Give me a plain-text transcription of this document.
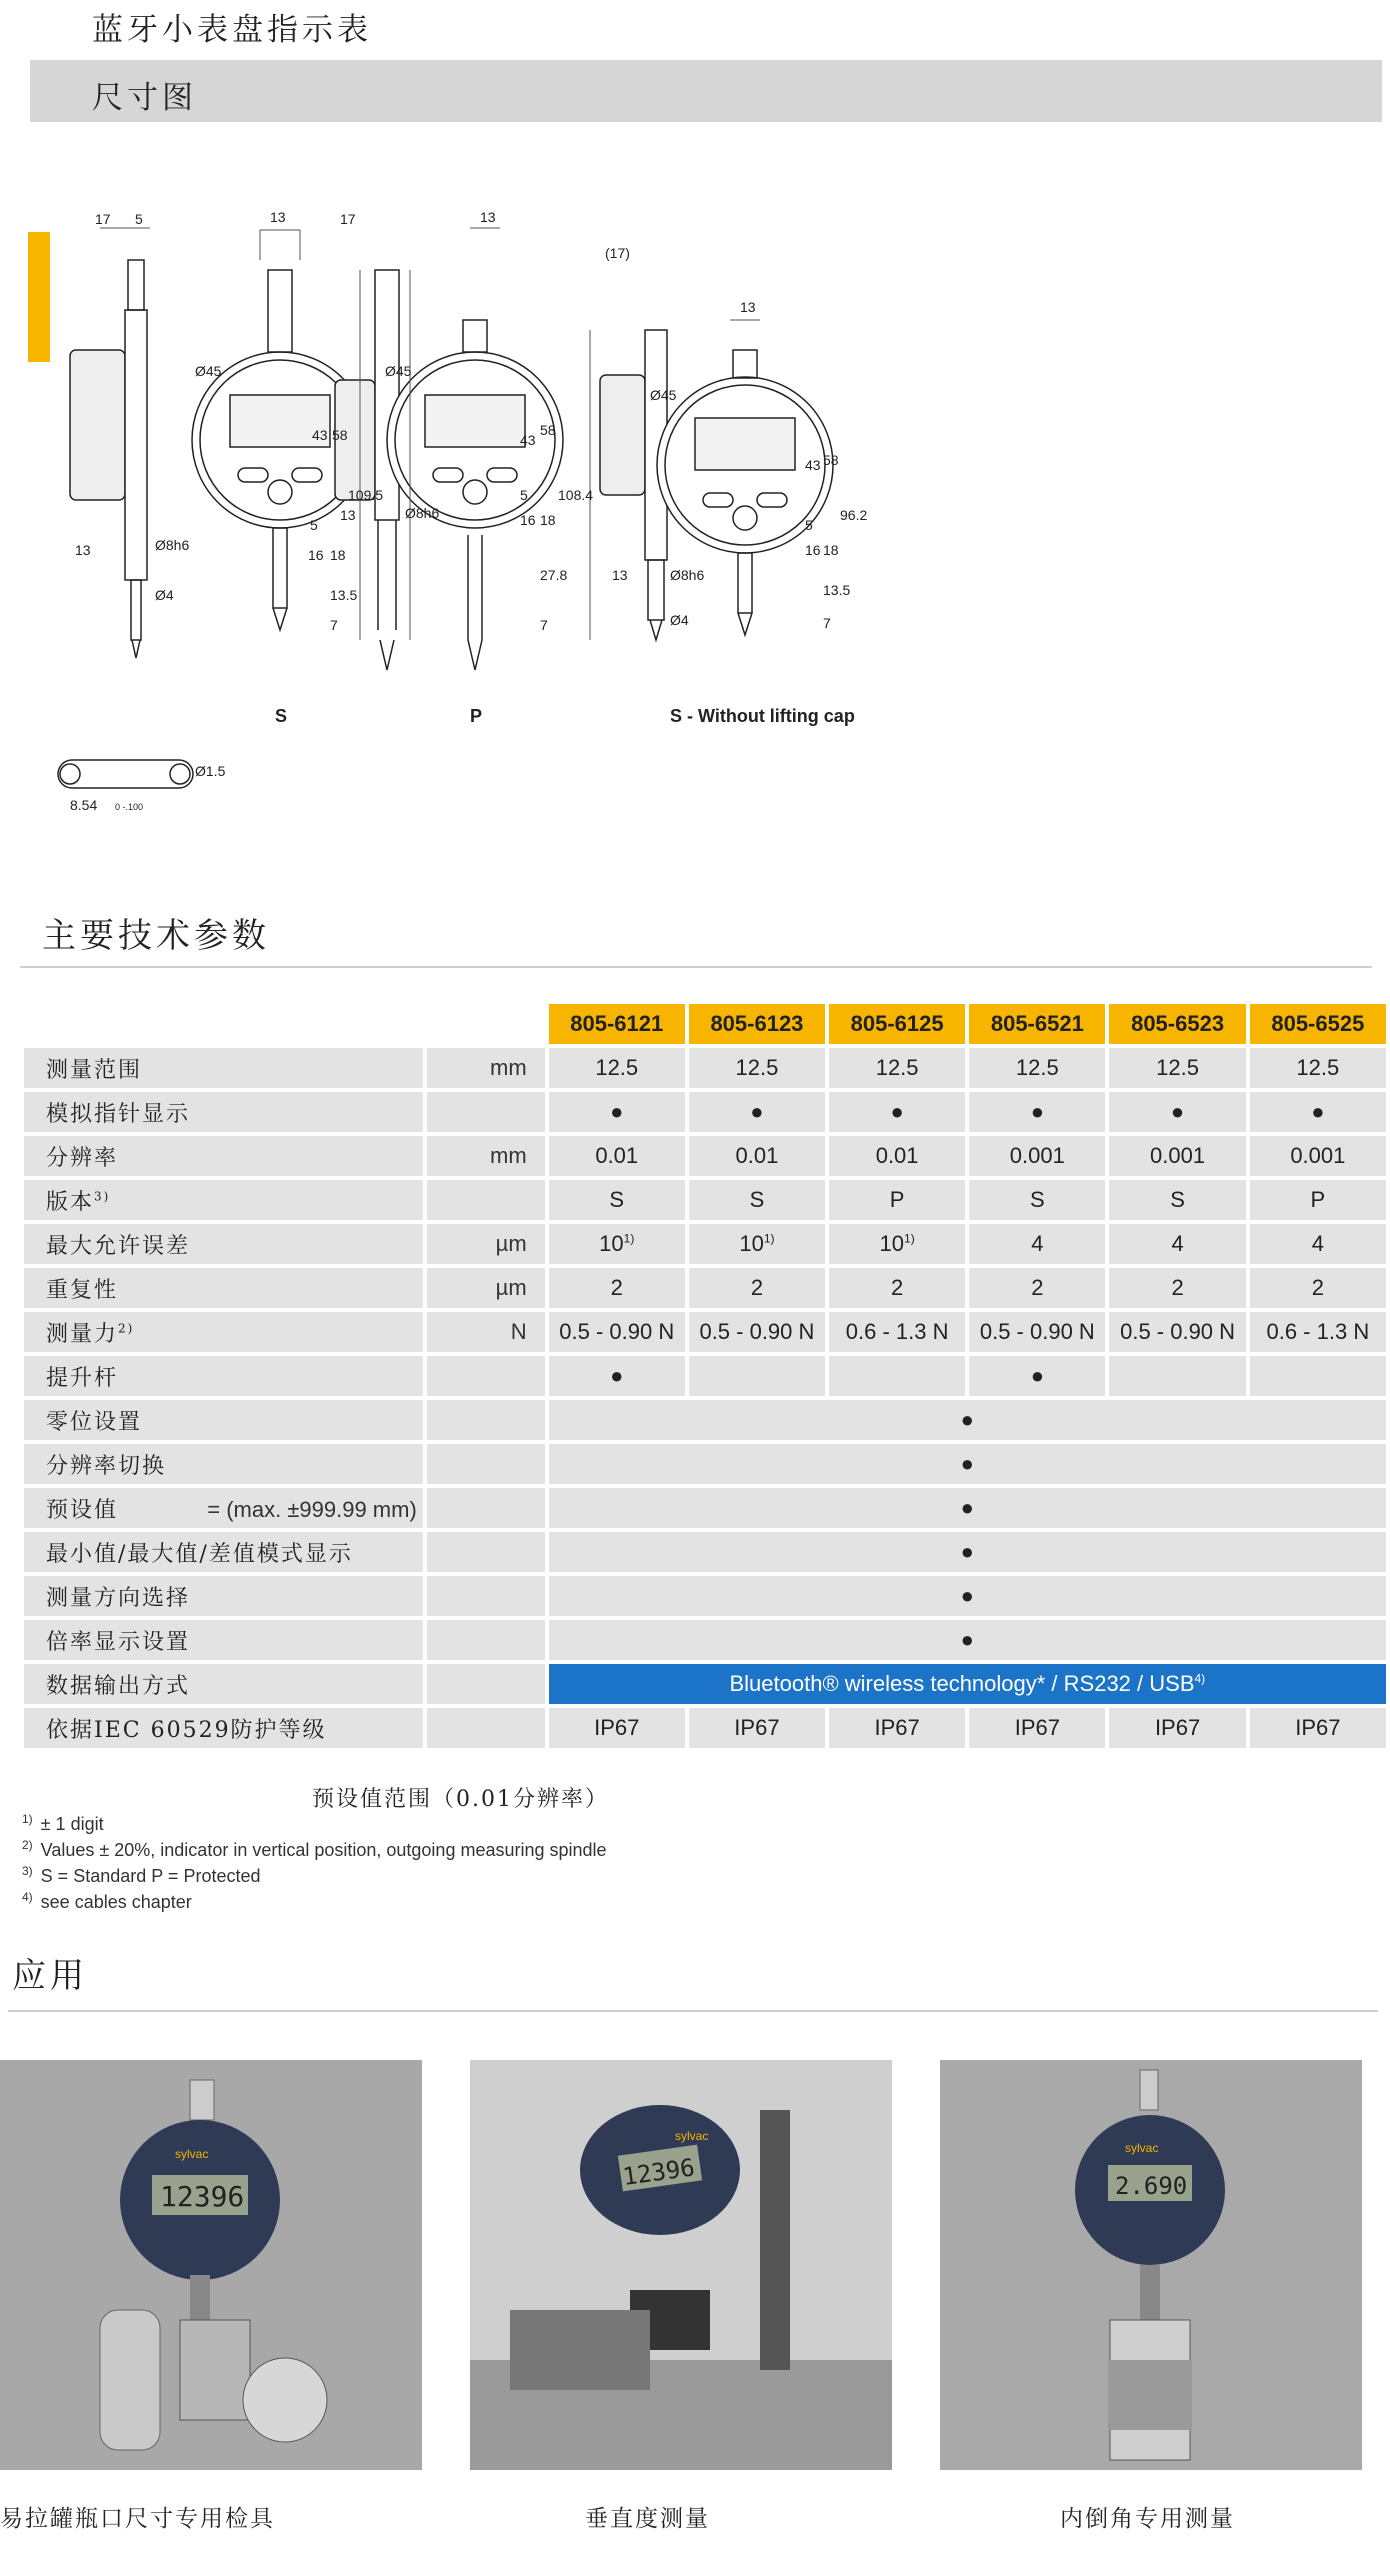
蓝牙小表盘指示表
尺寸图
17 5	13	17	13
(17)
13
Ø45	Ø45
Ø45
Ø8h6
Ø8h6
Ø8h6
Ø4
Ø4
Ø1.5
8.54 0 -.100
43 58
109.5
5
16 18
13.5
7
43
58
108.4
5
16 18
27.8
7
13
43 58
96.2
5
16 18
13.5
7
13
13
S	P	S - Without lifting cap
主要技术参数
		805-6121	805-6123	805-6125	805-6521	805-6523	805-6525
测量范围	mm	12.5	12.5	12.5	12.5	12.5	12.5
模拟指针显示		●	●	●	●	●	●
分辨率	mm	0.01	0.01	0.01	0.001	0.001	0.001
版本$^{3)}$		S	S	P	S	S	P
最大允许误差	µm	10$^{1)}$	10$^{1)}$	10$^{1)}$	4	4	4
重复性	µm	2	2	2	2	2	2
测量力$^{2)}$	N	0.5 - 0.90 N	0.5 - 0.90 N	0.6 - 1.3 N	0.5 - 0.90 N	0.5 - 0.90 N	0.6 - 1.3 N
提升杆		●			●		
零位设置		●					
分辨率切换		●					
预设值	= (max. ±999.99 mm)	●					
最小值/最大值/差值模式显示		●					
测量方向选择		●					
倍率显示设置		●					
数据输出方式		Bluetooth® wireless technology* / RS232 / USB$^{4)}$
依据IEC 60529防护等级		IP67	IP67	IP67	IP67	IP67	IP67
预设值范围（0.01分辨率）
$^{1)}$ ± 1 digit
$^{2)}$ Values ± 20%, indicator in vertical position, outgoing measuring spindle
$^{3)}$ S = Standard P = Protected
$^{4)}$ see cables chapter
应用
12396
sylvac	12396
sylvac
2.690
sylvac
易拉罐瓶口尺寸专用检具	垂直度测量	内倒角专用测量
